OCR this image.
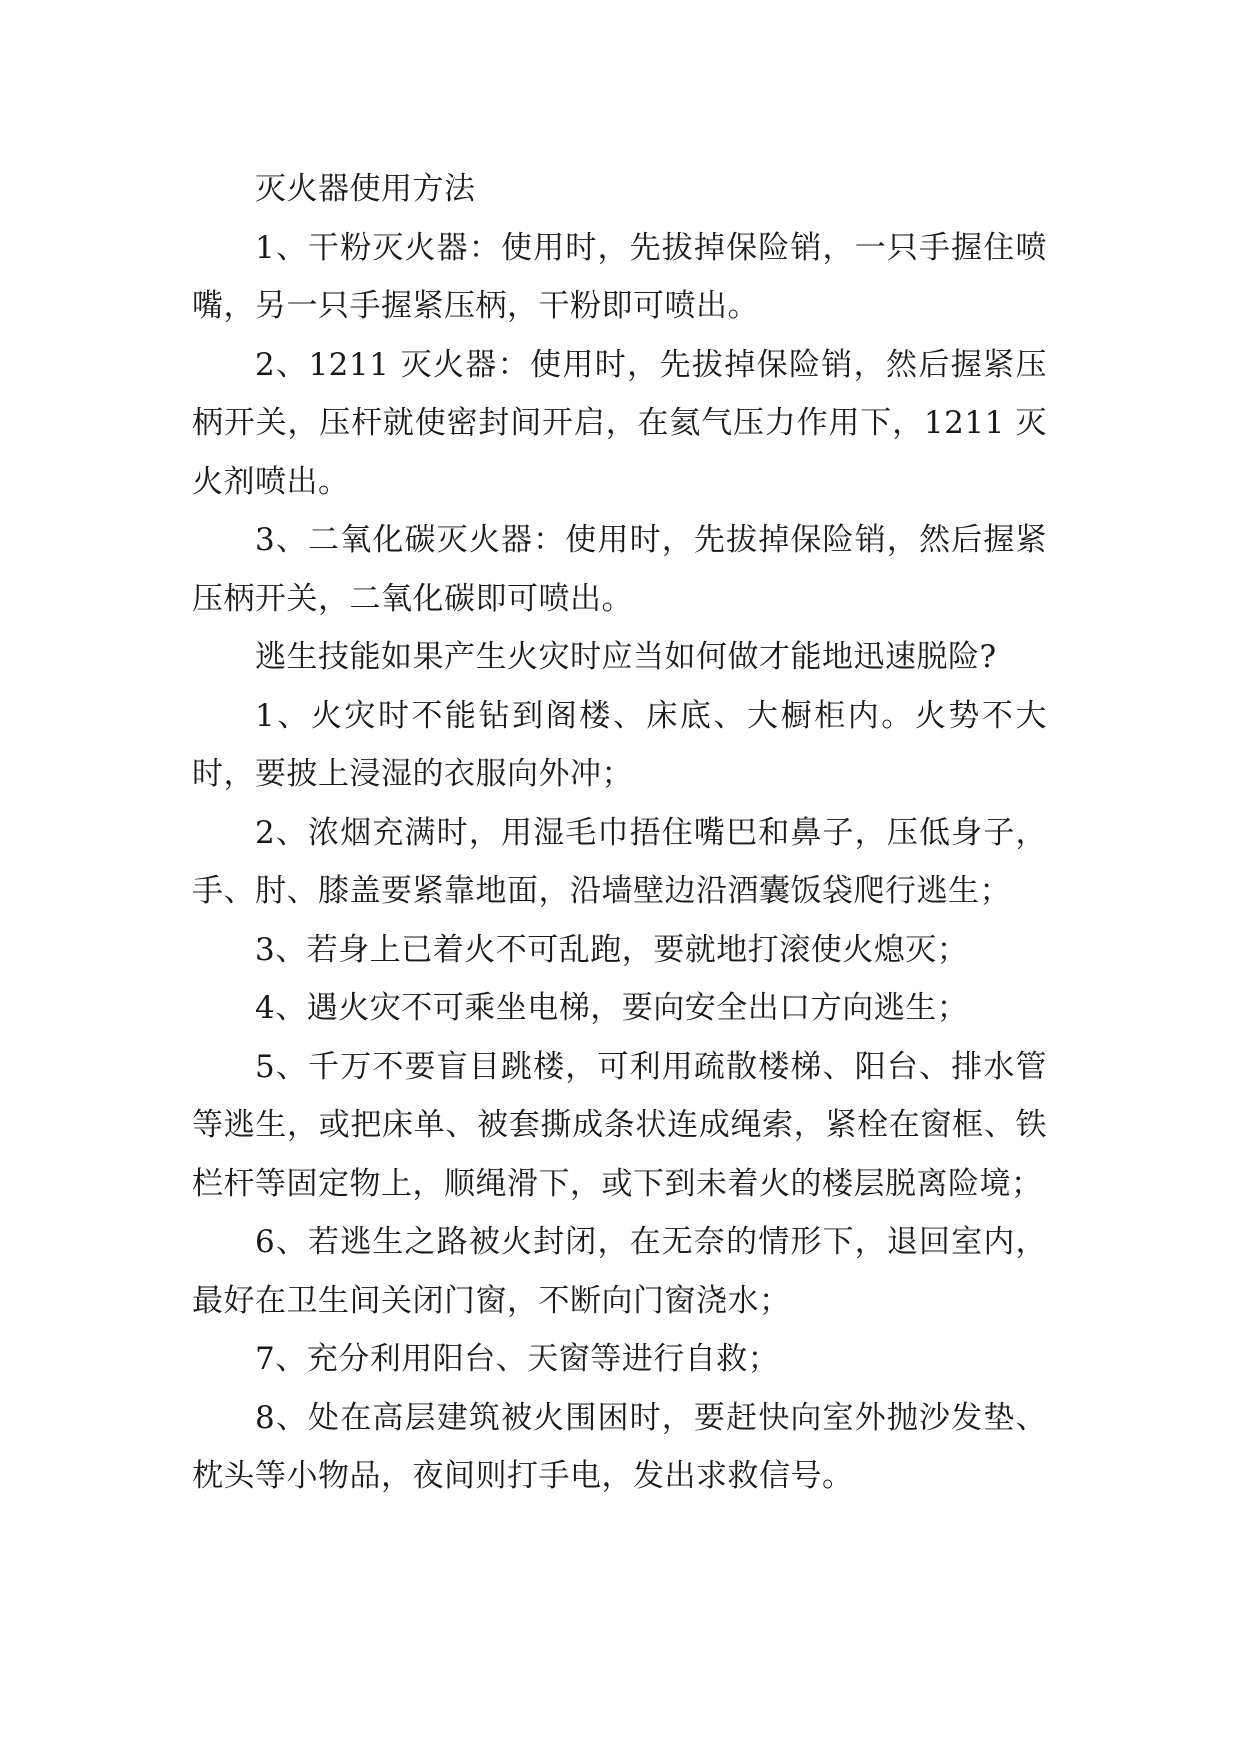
灭火器使用方法

1、干粉灭火器：使用时，先拔掉保险销，一只手握住喷嘴，另一只手握紧压柄，干粉即可喷出。

2、1211 灭火器：使用时，先拔掉保险销，然后握紧压柄开关，压杆就使密封间开启，在氦气压力作用下，1211 灭火剂喷出。

3、二氧化碳灭火器：使用时，先拔掉保险销，然后握紧压柄开关，二氧化碳即可喷出。

逃生技能如果产生火灾时应当如何做才能地迅速脱险?

1、火灾时不能钻到阁楼、床底、大橱柜内。火势不大时，要披上浸湿的衣服向外冲；

2、浓烟充满时，用湿毛巾捂住嘴巴和鼻子，压低身子，手、肘、膝盖要紧靠地面，沿墙壁边沿酒囊饭袋爬行逃生；

3、若身上已着火不可乱跑，要就地打滚使火熄灭；

4、遇火灾不可乘坐电梯，要向安全出口方向逃生；

5、千万不要盲目跳楼，可利用疏散楼梯、阳台、排水管等逃生，或把床单、被套撕成条状连成绳索，紧栓在窗框、铁栏杆等固定物上，顺绳滑下，或下到未着火的楼层脱离险境；

6、若逃生之路被火封闭，在无奈的情形下，退回室内，最好在卫生间关闭门窗，不断向门窗浇水；

7、充分利用阳台、天窗等进行自救；

8、处在高层建筑被火围困时，要赶快向室外抛沙发垫、枕头等小物品，夜间则打手电，发出求救信号。
